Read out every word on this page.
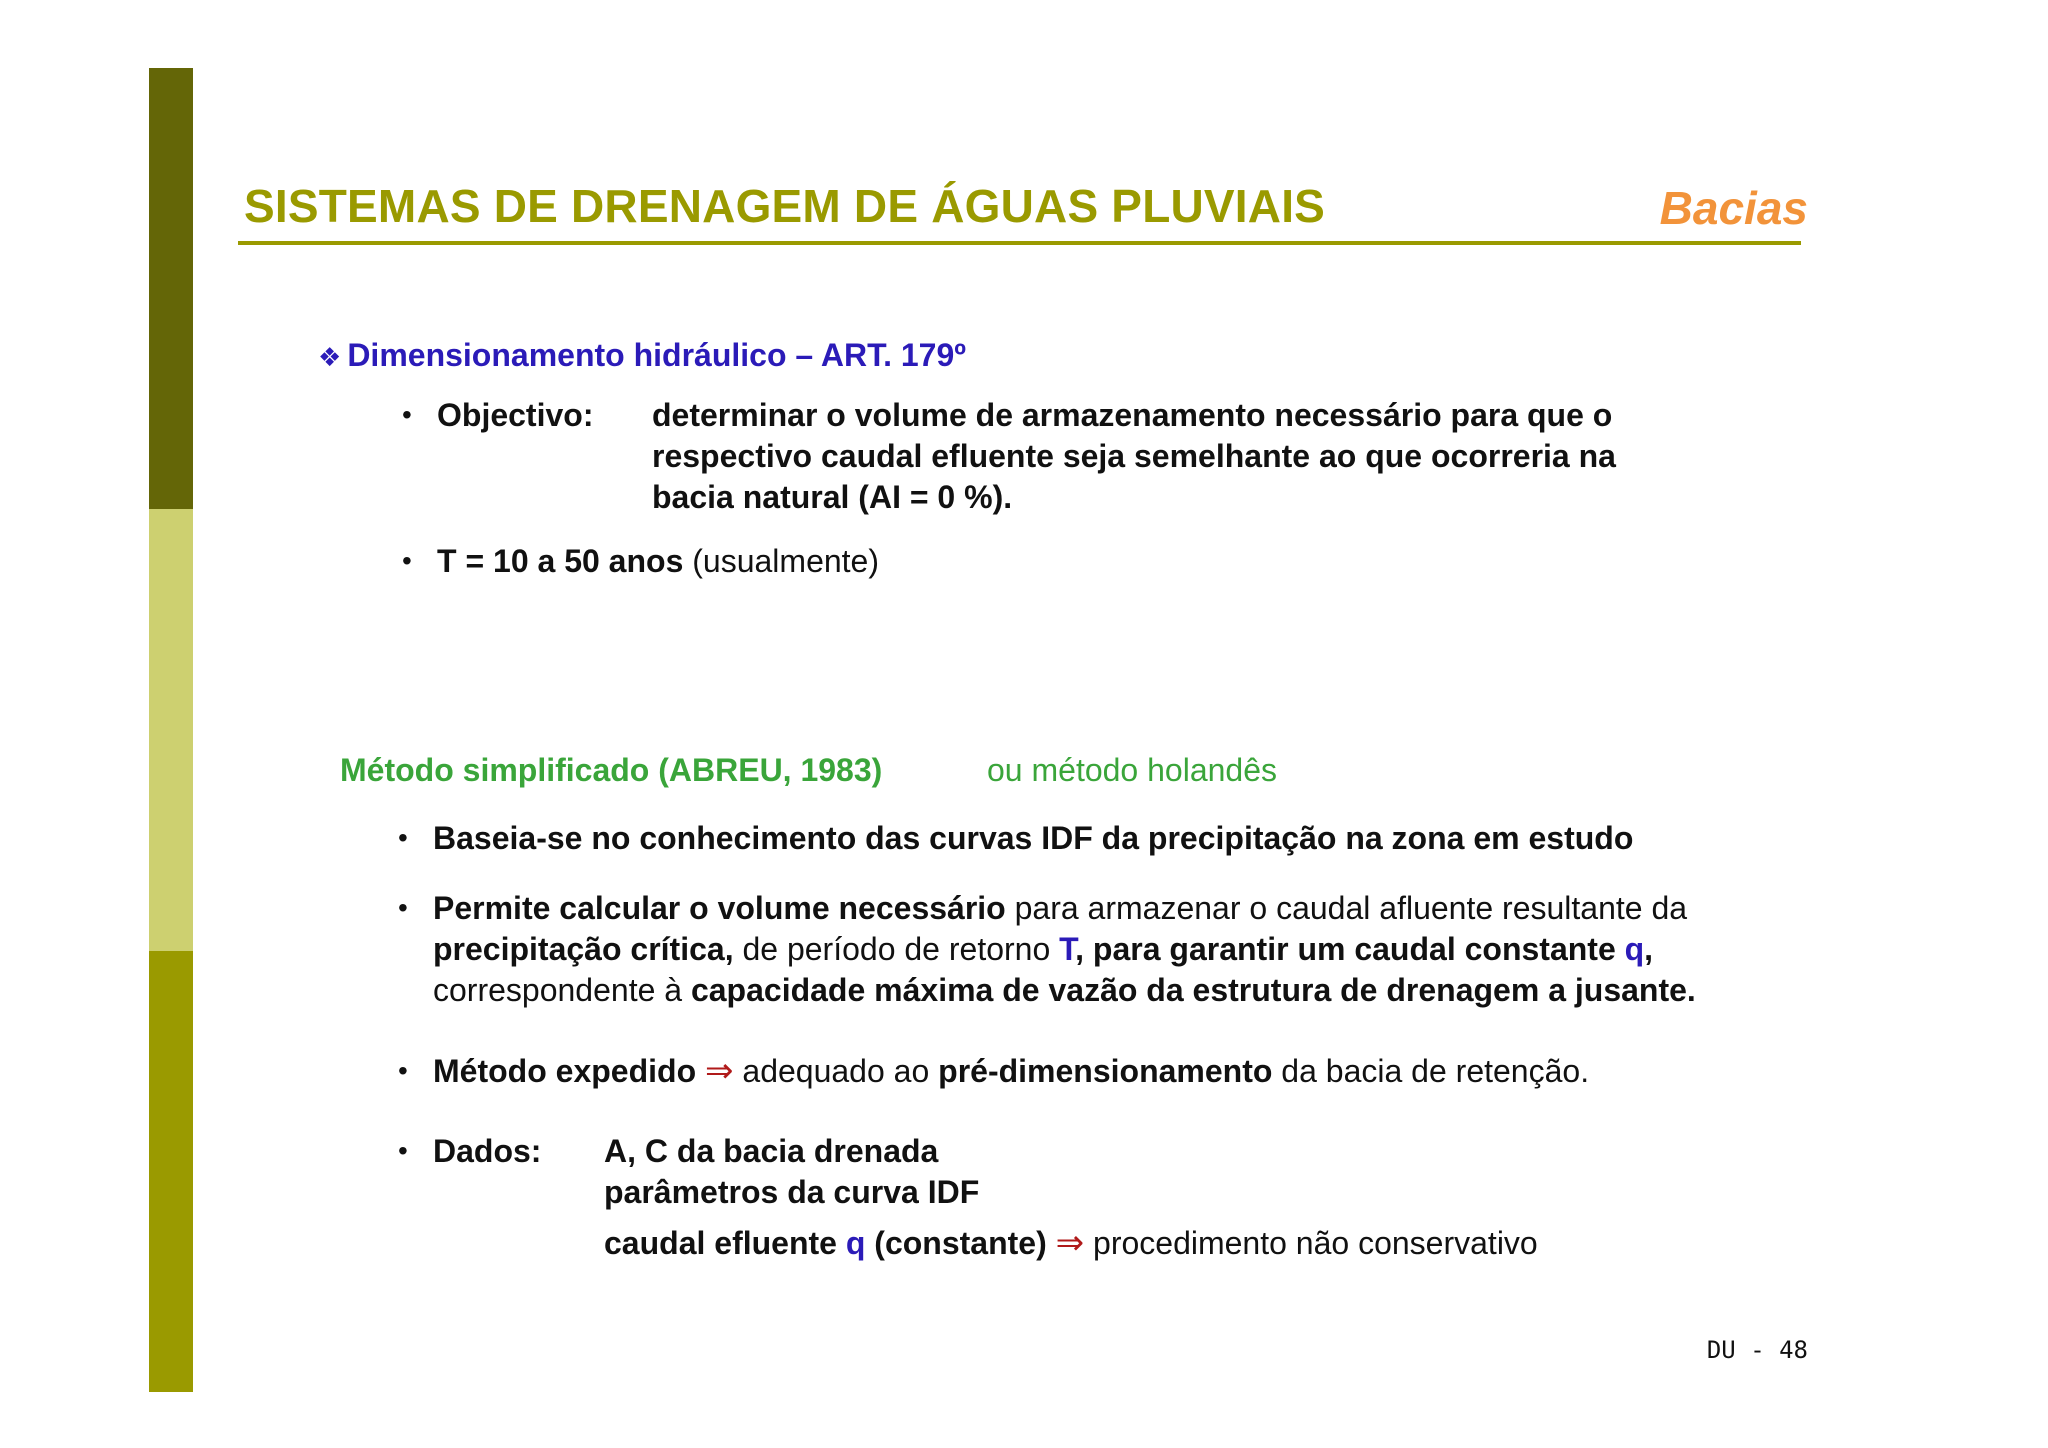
SISTEMAS DE DRENAGEM DE ÁGUAS PLUVIAIS	Bacias
❖ Dimensionamento hidráulico – ART. 179º
• Objectivo: determinar o volume de armazenamento necessário para que o
respectivo caudal efluente seja semelhante ao que ocorreria na
bacia natural (AI = 0 %).
• T = 10 a 50 anos (usualmente)
Método simplificado (ABREU, 1983)	ou método holandês
• Baseia-se no conhecimento das curvas IDF da precipitação na zona em estudo
• Permite calcular o volume necessário para armazenar o caudal afluente resultante da
precipitação crítica, de período de retorno T, para garantir um caudal constante q,
correspondente à capacidade máxima de vazão da estrutura de drenagem a jusante.
• Método expedido ⇒ adequado ao pré-dimensionamento da bacia de retenção.
• Dados: A, C da bacia drenada
parâmetros da curva IDF
caudal efluente q (constante) ⇒ procedimento não conservativo
DU - 48
